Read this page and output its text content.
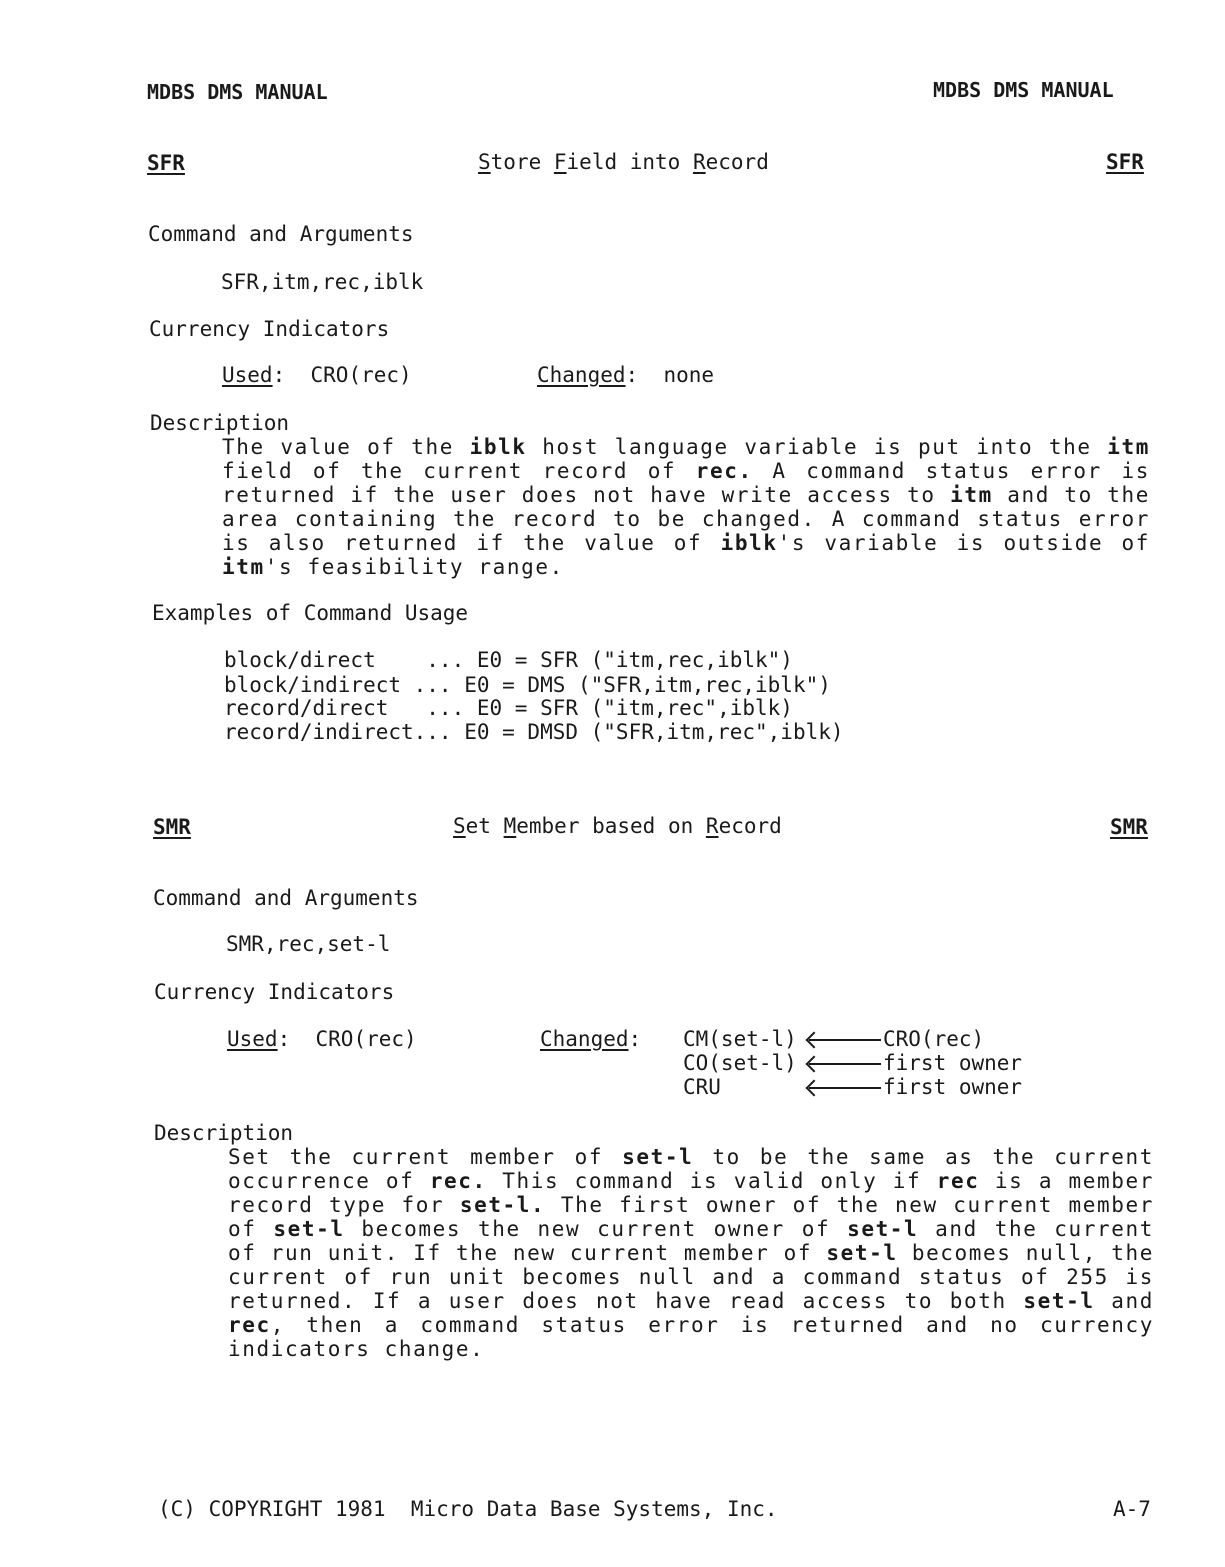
MDBS DMS MANUAL	MDBS DMS MANUAL
SFR	Store Field into Record	SFR
Command and Arguments
SFR,itm,rec,iblk
Currency Indicators
Used:  CRO(rec)	Changed:  none
Description
The value of the iblk host language variable is put into the itm field of the current record of rec. A command status error is returned if the user does not have write access to itm and to the area containing the record to be changed. A command status error is also returned if the value of iblk's variable is outside of itm's feasibility range.
Examples of Command Usage
block/direct    ... E0 = SFR ("itm,rec,iblk")
block/indirect ... E0 = DMS ("SFR,itm,rec,iblk")
record/direct   ... E0 = SFR ("itm,rec",iblk)
record/indirect... E0 = DMSD ("SFR,itm,rec",iblk)
SMR	Set Member based on Record	SMR
Command and Arguments
SMR,rec,set-l
Currency Indicators
Used:  CRO(rec)	Changed: CM(set-l)	CRO(rec)
CO(set-l)	first owner
CRU	first owner
Description
Set the current member of set-l to be the same as the current occurrence of rec. This command is valid only if rec is a member record type for set-l. The first owner of the new current member of set-l becomes the new current owner of set-l and the current of run unit. If the new current member of set-l becomes null, the current of run unit becomes null and a command status of 255 is returned. If a user does not have read access to both set-l and rec, then a command status error is returned and no currency indicators change.
(C) COPYRIGHT 1981  Micro Data Base Systems, Inc.	A-7
